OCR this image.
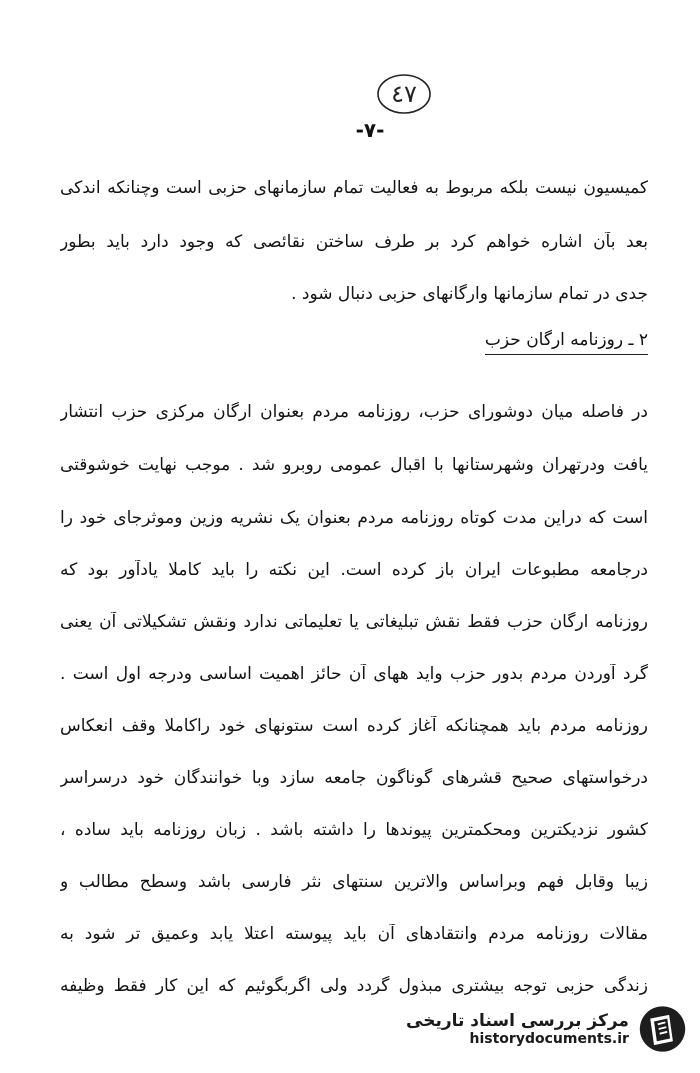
٤٧
-٧-
کمیسیون نیست بلکه مربوط به فعالیت تمام سازمانهای حزبی است وچنانکه اندکی
بعد بآن اشاره خواهم کرد بر طرف ساختن نقائصی که وجود دارد باید بطور
جدی در تمام سازمانها وارگانهای حزبی دنبال شود .
۲ ـ روزنامه ارگان حزب
در فاصله میان دوشورای حزب، روزنامه مردم بعنوان ارگان مرکزی حزب انتشار
یافت ودرتهران وشهرستانها با اقبال عمومی روبرو شد . موجب نهایت خوشوقتی
است که دراین مدت کوتاه روزنامه مردم بعنوان یک نشریه وزین وموثرجای خود را
درجامعه مطبوعات ایران باز کرده است. این نکته را باید کاملا یادآور بود که
روزنامه ارگان حزب فقط نقش تبلیغاتی یا تعلیماتی ندارد ونقش تشکیلاتی آن یعنی
گرد آوردن مردم بدور حزب واید ههای آن حائز اهمیت اساسی ودرجه اول است .
روزنامه مردم باید همچنانکه آغاز کرده است ستونهای خود راکاملا وقف انعکاس
درخواستهای صحیح قشرهای گوناگون جامعه سازد وبا خوانندگان خود درسراسر
کشور نزدیکترین ومحکمترین پیوندها را داشته باشد . زبان روزنامه باید ساده ،
زیبا وقابل فهم وبراساس والاترین سنتهای نثر فارسی باشد وسطح مطالب و
مقالات روزنامه مردم وانتقادهای آن باید پیوسته اعتلا یابد وعمیق تر شود به
زندگی حزبی توجه بیشتری مبذول گردد ولی اگربگوئیم که این کار فقط وظیفه
مرکز بررسی اسناد تاریخی
historydocuments.ir
